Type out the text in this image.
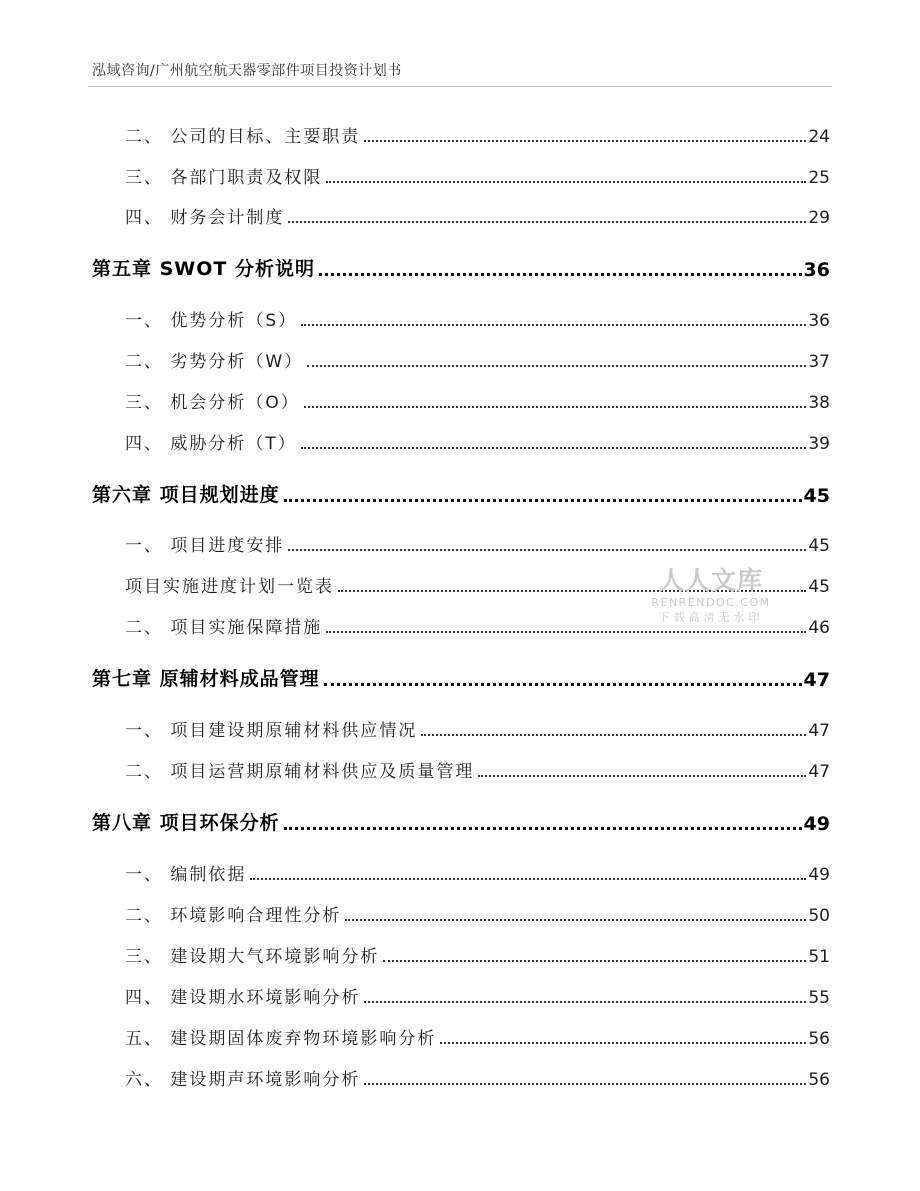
泓域咨询/广州航空航天器零部件项目投资计划书
二、 公司的目标、主要职责	24
三、 各部门职责及权限	25
四、 财务会计制度	29
第五章 SWOT 分析说明	36
一、 优势分析（S）	36
二、 劣势分析（W）	37
三、 机会分析（O）	38
四、 威胁分析（T）	39
第六章 项目规划进度	45
一、 项目进度安排	45
项目实施进度计划一览表	45
二、 项目实施保障措施	46
第七章 原辅材料成品管理	47
一、 项目建设期原辅材料供应情况	47
二、 项目运营期原辅材料供应及质量管理	47
第八章 项目环保分析	49
一、 编制依据	49
二、 环境影响合理性分析	50
三、 建设期大气环境影响分析	51
四、 建设期水环境影响分析	55
五、 建设期固体废弃物环境影响分析	56
六、 建设期声环境影响分析	56
人人文库
RENRENDOC.COM
下载高清无水印
